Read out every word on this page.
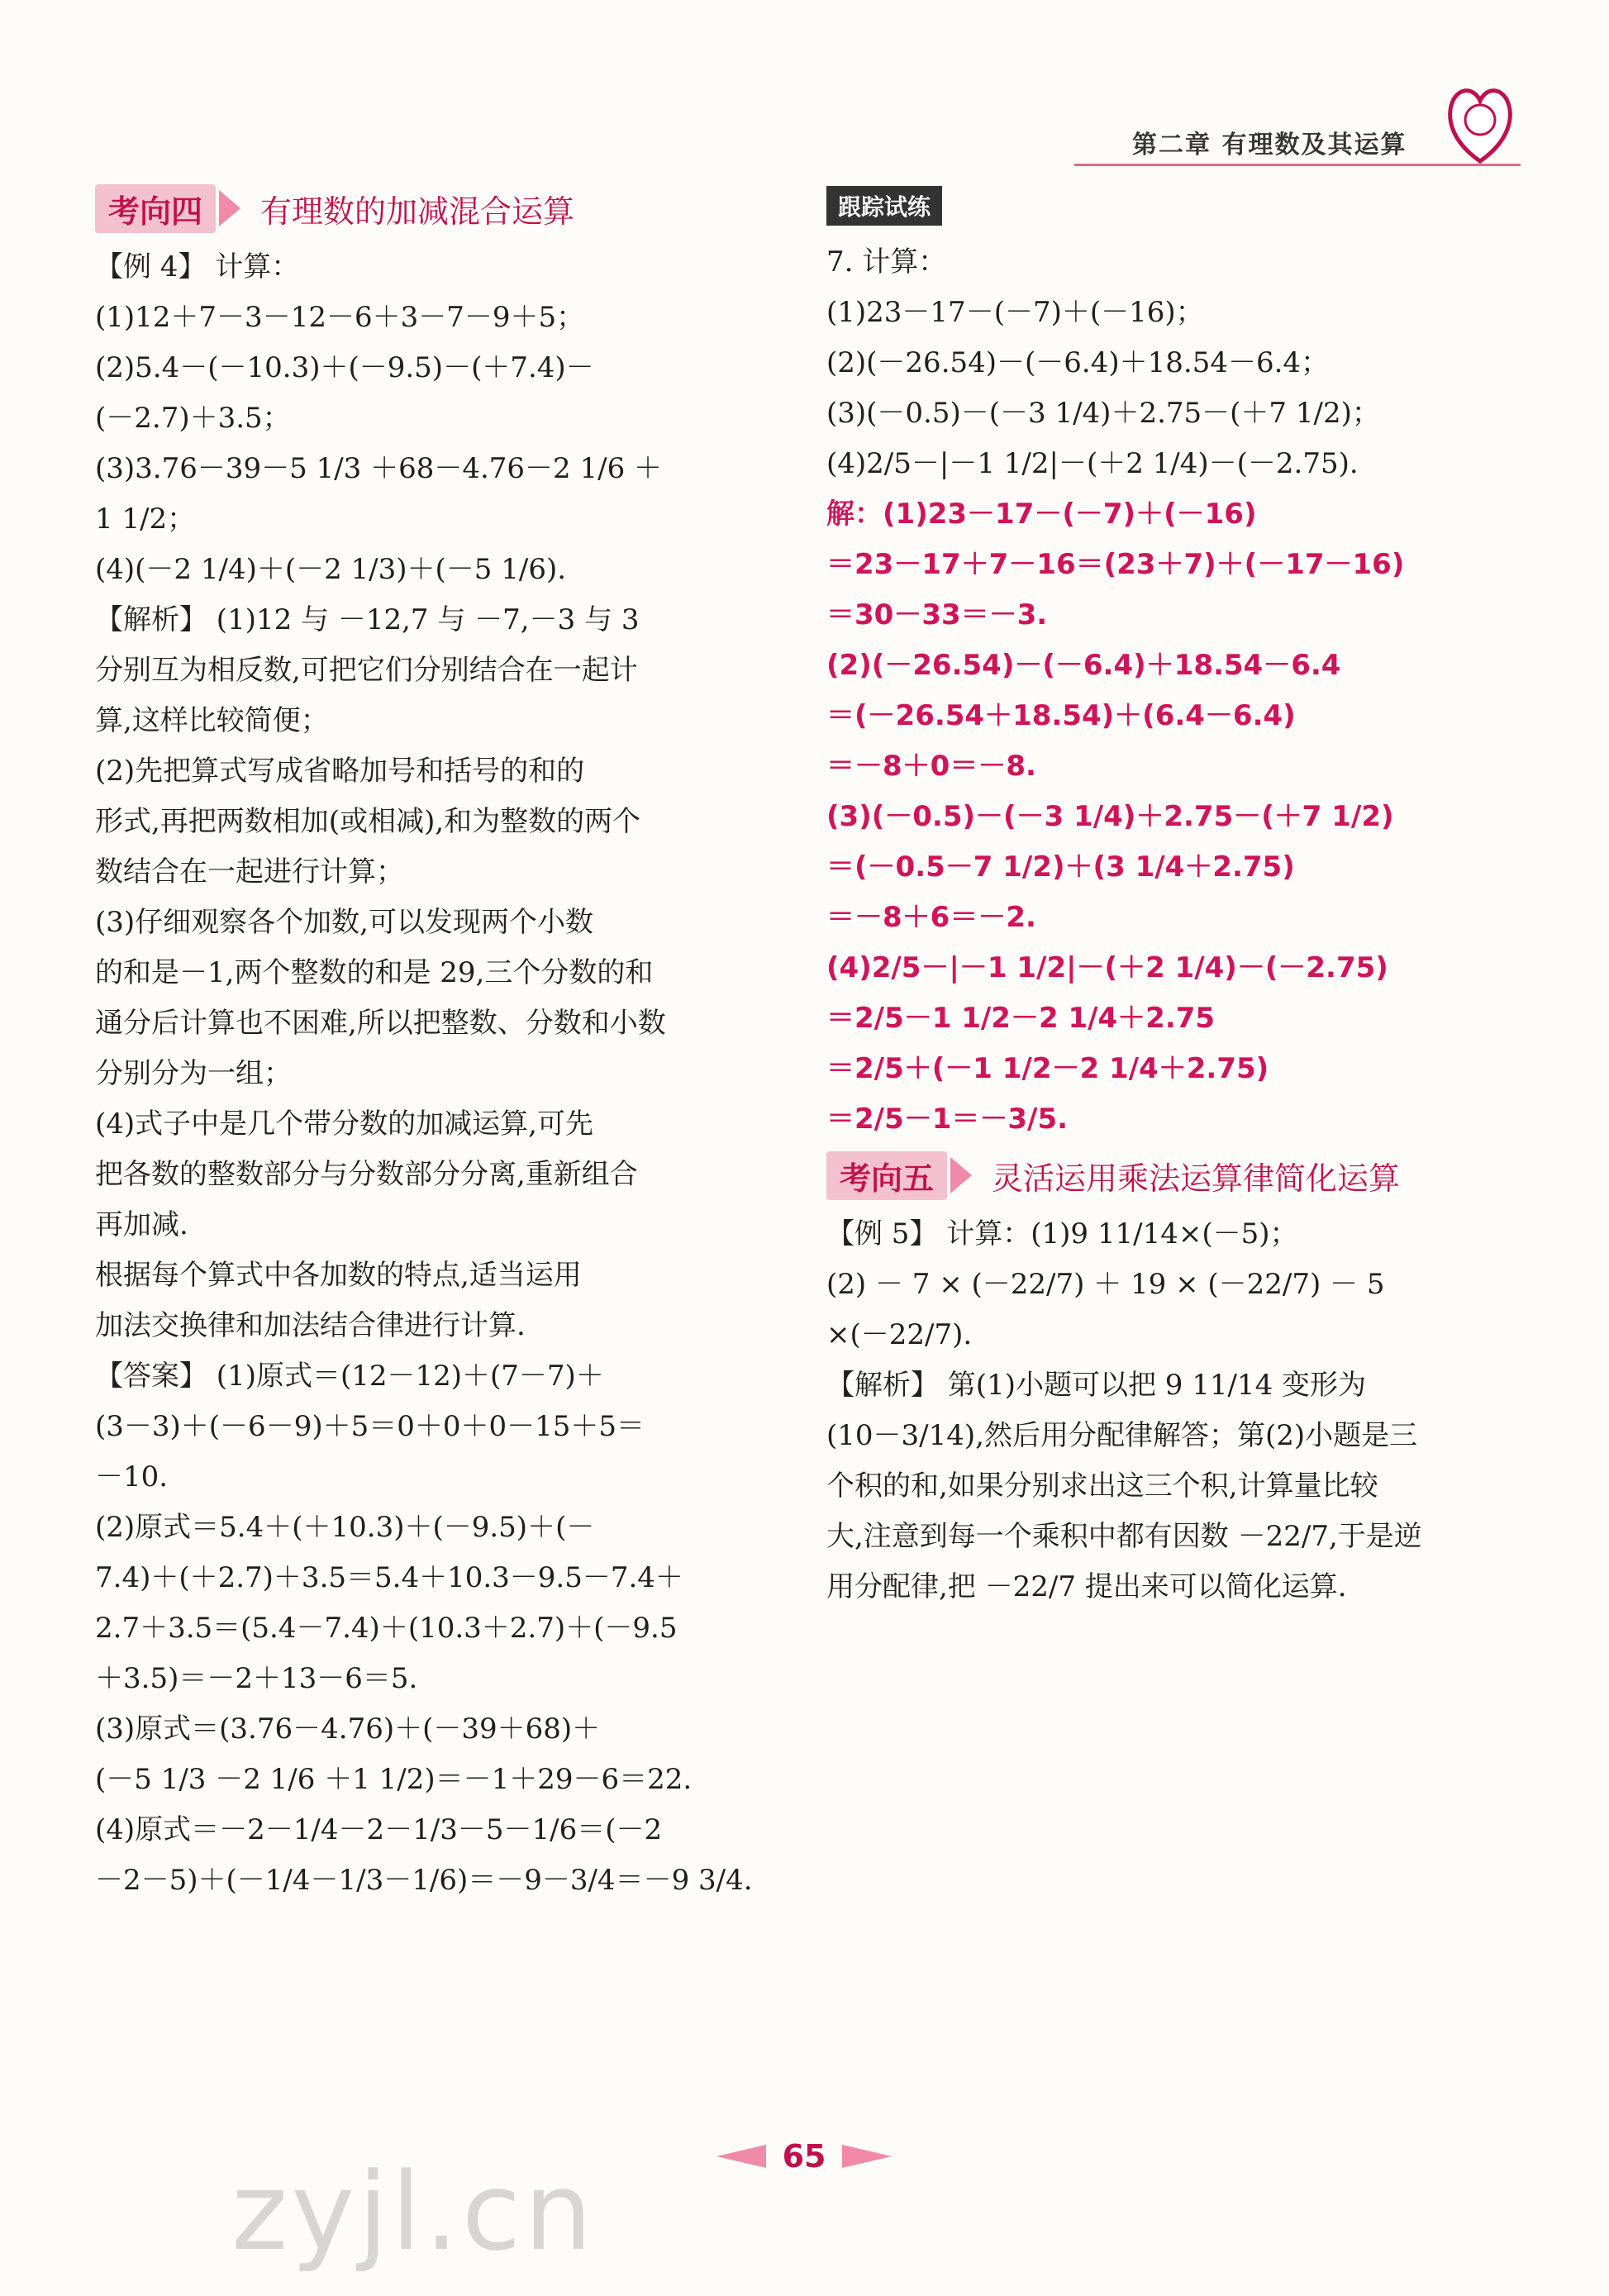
第二章 有理数及其运算
考向四	有理数的加减混合运算
【例 4】 计算：
(1)12＋7－3－12－6＋3－7－9＋5；
(2)5.4－(－10.3)＋(－9.5)－(＋7.4)－
(－2.7)＋3.5；
(3)3.76－39－5 1/3 ＋68－4.76－2 1/6 ＋
1 1/2；
(4)(－2 1/4)＋(－2 1/3)＋(－5 1/6).
【解析】 (1)12 与 －12,7 与 －7,－3 与 3
分别互为相反数,可把它们分别结合在一起计
算,这样比较简便；
(2)先把算式写成省略加号和括号的和的
形式,再把两数相加(或相减),和为整数的两个
数结合在一起进行计算；
(3)仔细观察各个加数,可以发现两个小数
的和是－1,两个整数的和是 29,三个分数的和
通分后计算也不困难,所以把整数、分数和小数
分别分为一组；
(4)式子中是几个带分数的加减运算,可先
把各数的整数部分与分数部分分离,重新组合
再加减.
根据每个算式中各加数的特点,适当运用
加法交换律和加法结合律进行计算.
【答案】 (1)原式＝(12－12)＋(7－7)＋
(3－3)＋(－6－9)＋5＝0＋0＋0－15＋5＝
－10.
(2)原式＝5.4＋(＋10.3)＋(－9.5)＋(－
7.4)＋(＋2.7)＋3.5＝5.4＋10.3－9.5－7.4＋
2.7＋3.5＝(5.4－7.4)＋(10.3＋2.7)＋(－9.5
＋3.5)＝－2＋13－6＝5.
(3)原式＝(3.76－4.76)＋(－39＋68)＋
(－5 1/3 －2 1/6 ＋1 1/2)＝－1＋29－6＝22.
(4)原式＝－2－1/4－2－1/3－5－1/6＝(－2
－2－5)＋(－1/4－1/3－1/6)＝－9－3/4＝－9 3/4.
跟踪试练
7. 计算：
(1)23－17－(－7)＋(－16)；
(2)(－26.54)－(－6.4)＋18.54－6.4；
(3)(－0.5)－(－3 1/4)＋2.75－(＋7 1/2)；
(4)2/5－|－1 1/2|－(＋2 1/4)－(－2.75).
解：(1)23－17－(－7)＋(－16)
＝23－17＋7－16＝(23＋7)＋(－17－16)
＝30－33＝－3.
(2)(－26.54)－(－6.4)＋18.54－6.4
＝(－26.54＋18.54)＋(6.4－6.4)
＝－8＋0＝－8.
(3)(－0.5)－(－3 1/4)＋2.75－(＋7 1/2)
＝(－0.5－7 1/2)＋(3 1/4＋2.75)
＝－8＋6＝－2.
(4)2/5－|－1 1/2|－(＋2 1/4)－(－2.75)
＝2/5－1 1/2－2 1/4＋2.75
＝2/5＋(－1 1/2－2 1/4＋2.75)
＝2/5－1＝－3/5.
考向五	灵活运用乘法运算律简化运算
【例 5】 计算：(1)9 11/14×(－5)；
(2) － 7 × (－22/7) ＋ 19 × (－22/7) － 5
×(－22/7).
【解析】 第(1)小题可以把 9 11/14 变形为
(10－3/14),然后用分配律解答；第(2)小题是三
个积的和,如果分别求出这三个积,计算量比较
大,注意到每一个乘积中都有因数 －22/7,于是逆
用分配律,把 －22/7 提出来可以简化运算.
65
zyjl.cn
